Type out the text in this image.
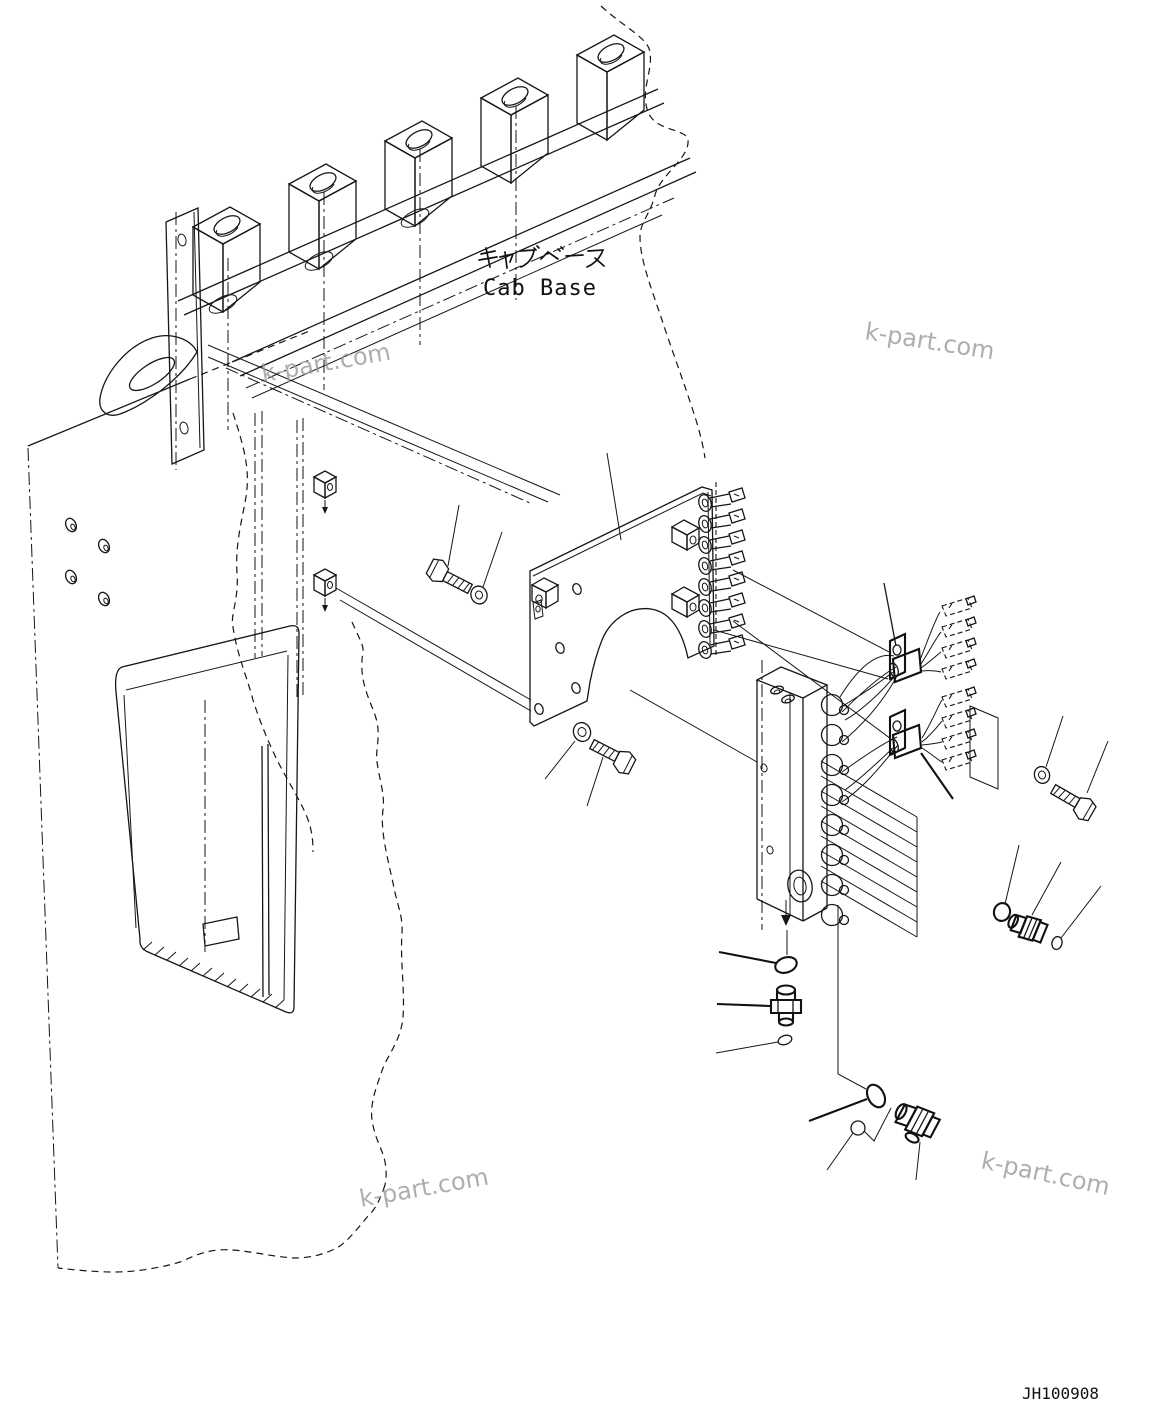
Cab Base
JH100908
k-part.com	k-part.com
k-part.com	k-part.com
